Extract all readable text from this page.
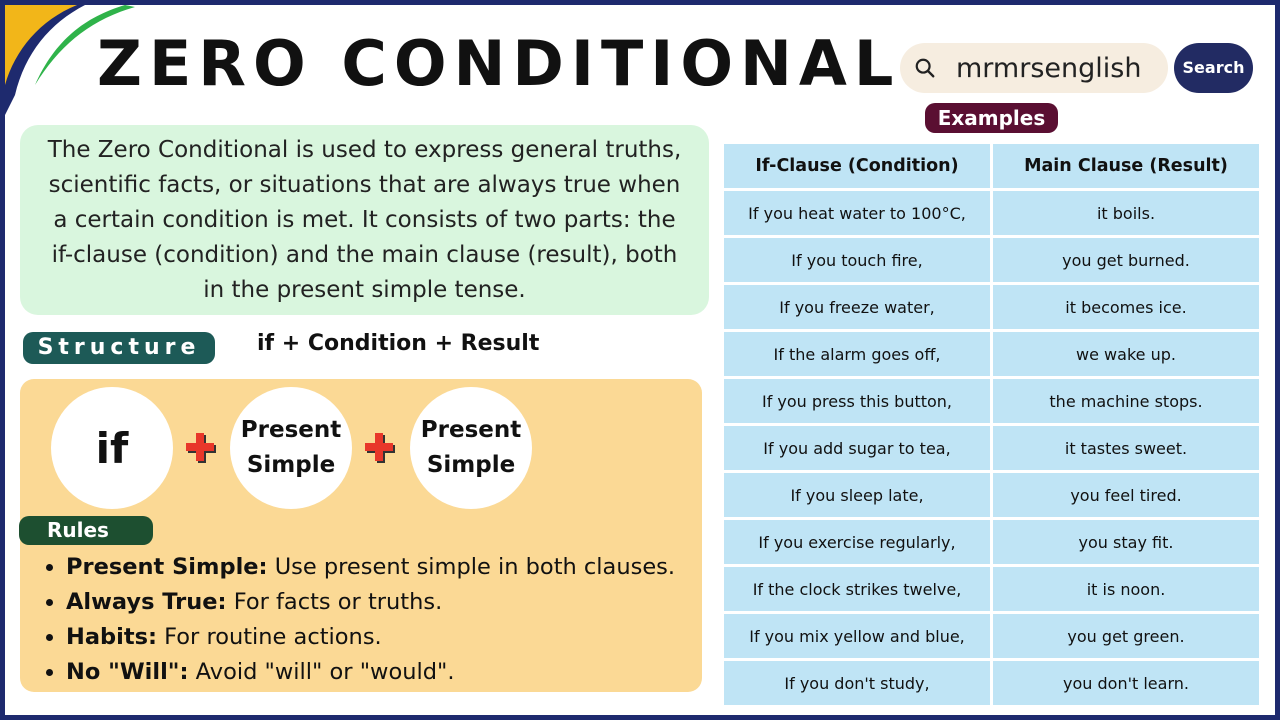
ZERO CONDITIONAL mrmrsenglish	Search
The Zero Conditional is used to express general truths, scientific facts, or situations that are always true when a certain condition is met. It consists of two parts: the if-clause (condition) and the main clause (result), both in the present simple tense.
Structure	if + Condition + Result
if	Present
Simple
Present
Simple
Rules
• Present Simple: Use present simple in both clauses.
• Always True: For facts or truths.
• Habits: For routine actions.
• No "Will": Avoid "will" or "would".
Examples
If-Clause (Condition)	Main Clause (Result)
If you heat water to 100°C,	it boils.
If you touch fire,	you get burned.
If you freeze water,	it becomes ice.
If the alarm goes off,	we wake up.
If you press this button,	the machine stops.
If you add sugar to tea,	it tastes sweet.
If you sleep late,	you feel tired.
If you exercise regularly,	you stay fit.
If the clock strikes twelve,	it is noon.
If you mix yellow and blue,	you get green.
If you don't study,	you don't learn.
